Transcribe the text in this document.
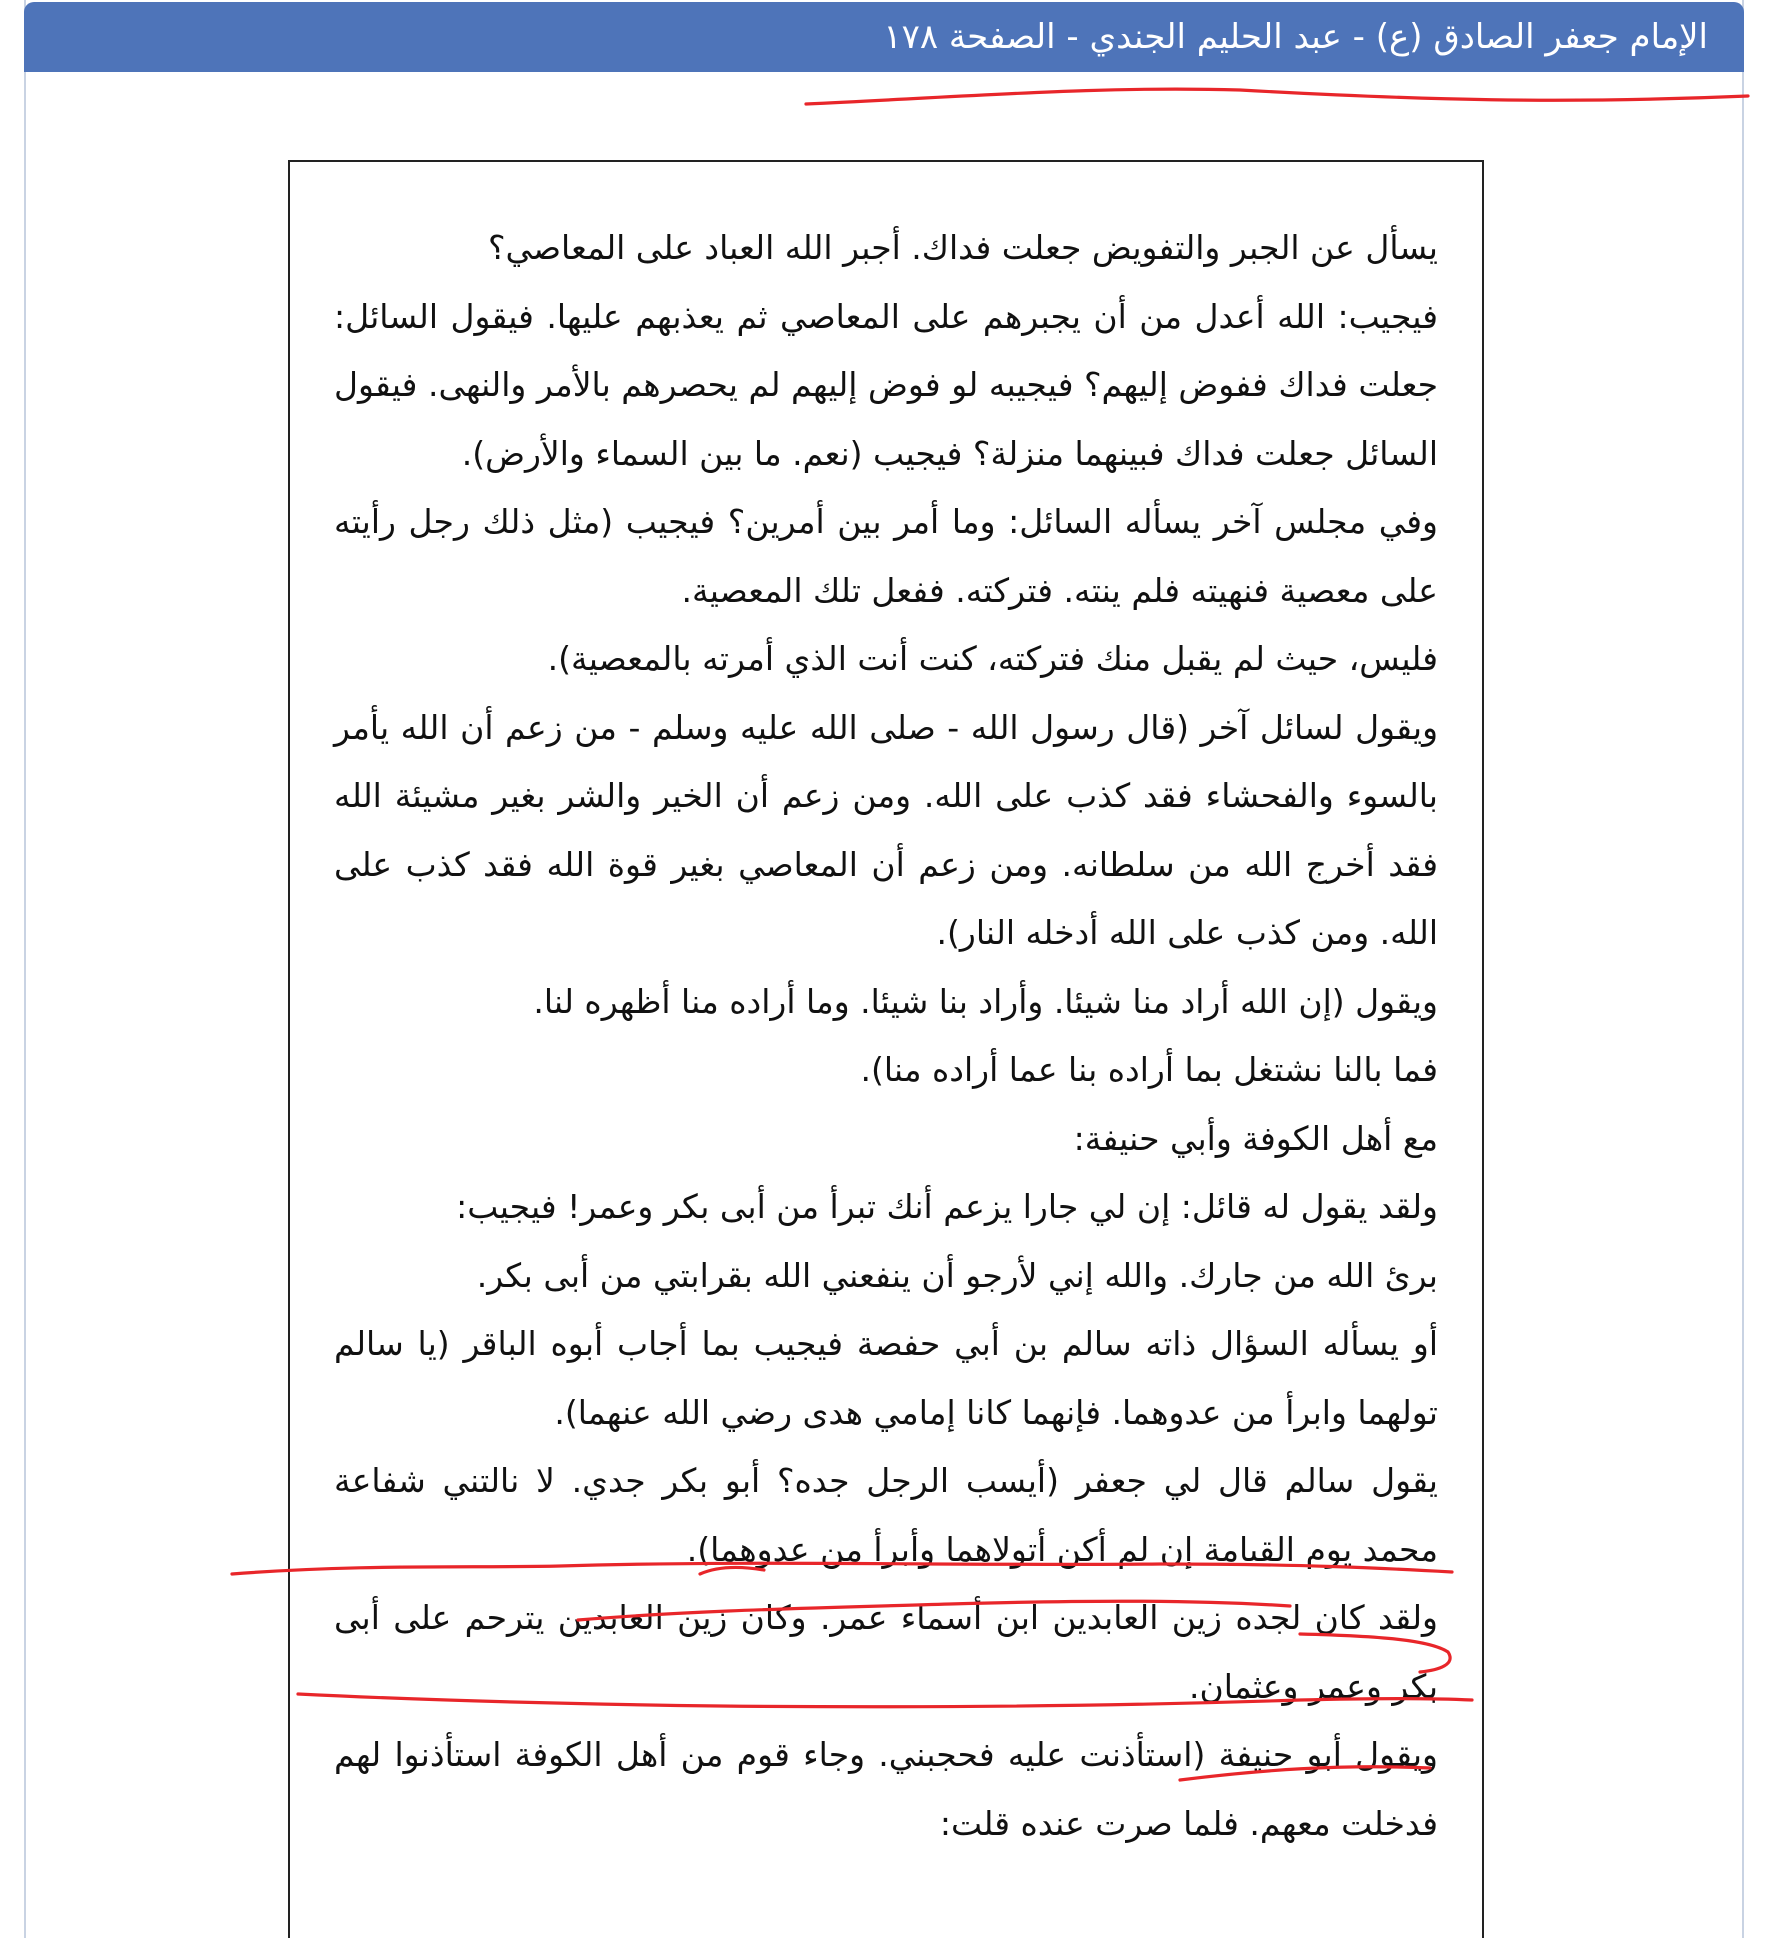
الإمام جعفر الصادق (ع) - عبد الحليم الجندي - الصفحة ١٧٨

يسأل عن الجبر والتفويض جعلت فداك. أجبر الله العباد على المعاصي؟

فيجيب: الله أعدل من أن يجبرهم على المعاصي ثم يعذبهم عليها. فيقول السائل: جعلت فداك ففوض إليهم؟ فيجيبه لو فوض إليهم لم يحصرهم بالأمر والنهى. فيقول السائل جعلت فداك فبينهما منزلة؟ فيجيب (نعم. ما بين السماء والأرض).

وفي مجلس آخر يسأله السائل: وما أمر بين أمرين؟ فيجيب (مثل ذلك رجل رأيته على معصية فنهيته فلم ينته. فتركته. ففعل تلك المعصية.

فليس، حيث لم يقبل منك فتركته، كنت أنت الذي أمرته بالمعصية).

ويقول لسائل آخر (قال رسول الله - صلى الله عليه وسلم - من زعم أن الله يأمر بالسوء والفحشاء فقد كذب على الله. ومن زعم أن الخير والشر بغير مشيئة الله فقد أخرج الله من سلطانه. ومن زعم أن المعاصي بغير قوة الله فقد كذب على الله. ومن كذب على الله أدخله النار).

ويقول (إن الله أراد منا شيئا. وأراد بنا شيئا. وما أراده منا أظهره لنا.

فما بالنا نشتغل بما أراده بنا عما أراده منا).

مع أهل الكوفة وأبي حنيفة:

ولقد يقول له قائل: إن لي جارا يزعم أنك تبرأ من أبى بكر وعمر! فيجيب:

برئ الله من جارك. والله إني لأرجو أن ينفعني الله بقرابتي من أبى بكر.

أو يسأله السؤال ذاته سالم بن أبي حفصة فيجيب بما أجاب أبوه الباقر (يا سالم تولهما وابرأ من عدوهما. فإنهما كانا إمامي هدى رضي الله عنهما).

يقول سالم قال لي جعفر (أيسب الرجل جده؟ أبو بكر جدي. لا نالتني شفاعة محمد يوم القيامة إن لم أكن أتولاهما وأبرأ من عدوهما).

ولقد كان لجده زين العابدين ابن أسماء عمر. وكان زين العابدين يترحم على أبى بكر وعمر وعثمان.

ويقول أبو حنيفة (استأذنت عليه فحجبني. وجاء قوم من أهل الكوفة استأذنوا لهم فدخلت معهم. فلما صرت عنده قلت:
